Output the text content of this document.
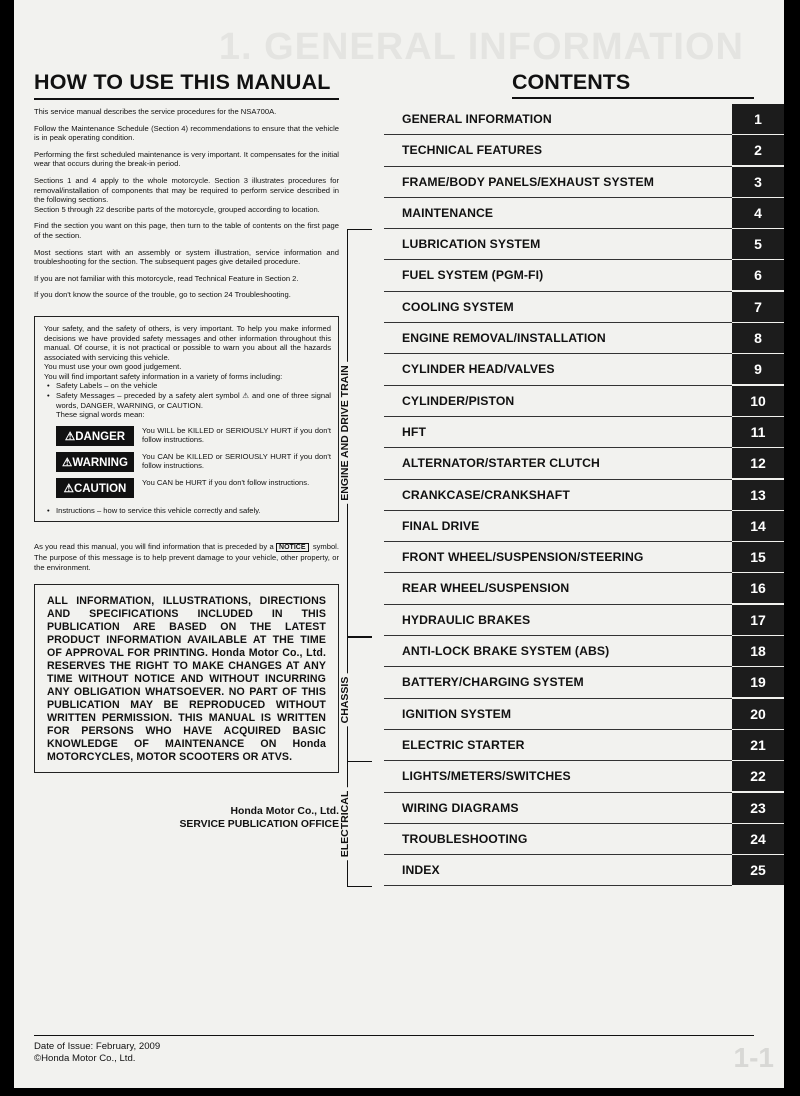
1. GENERAL INFORMATION
1-1
HOW TO USE THIS MANUAL

This service manual describes the service procedures for the NSA700A.

Follow the Maintenance Schedule (Section 4) recommendations to ensure that the vehicle is in peak operating condition.

Performing the first scheduled maintenance is very important. It compensates for the initial wear that occurs during the break-in period.

Sections 1 and 4 apply to the whole motorcycle. Section 3 illustrates procedures for removal/installation of components that may be required to perform service described in the following sections.

Section 5 through 22 describe parts of the motorcycle, grouped according to location.

Find the section you want on this page, then turn to the table of contents on the first page of the section.

Most sections start with an assembly or system illustration, service information and troubleshooting for the section. The subsequent pages give detailed procedure.

If you are not familiar with this motorcycle, read Technical Feature in Section 2.

If you don't know the source of the trouble, go to section 24 Troubleshooting.

Your safety, and the safety of others, is very important. To help you make informed decisions we have provided safety messages and other information throughout this manual. Of course, it is not practical or possible to warn you about all the hazards associated with servicing this vehicle.

You must use your own good judgement.

You will find important safety information in a variety of forms including:

• Safety Labels – on the vehicle
• Safety Messages – preceded by a safety alert symbol ⚠ and one of three signal words, DANGER, WARNING, or CAUTION.
These signal words mean:
⚠DANGER
You WILL be KILLED or SERIOUSLY HURT if you don't follow instructions.
⚠WARNING
You CAN be KILLED or SERIOUSLY HURT if you don't follow instructions.
⚠CAUTION
You CAN be HURT if you don't follow instructions.
• Instructions – how to service this vehicle correctly and safely.

As you read this manual, you will find information that is preceded by a NOTICE symbol. The purpose of this message is to help prevent damage to your vehicle, other property, or the environment.

ALL INFORMATION, ILLUSTRATIONS, DIRECTIONS AND SPECIFICATIONS INCLUDED IN THIS PUBLICATION ARE BASED ON THE LATEST PRODUCT INFORMATION AVAILABLE AT THE TIME OF APPROVAL FOR PRINTING. Honda Motor Co., Ltd. RESERVES THE RIGHT TO MAKE CHANGES AT ANY TIME WITHOUT NOTICE AND WITHOUT INCURRING ANY OBLIGATION WHATSOEVER. NO PART OF THIS PUBLICATION MAY BE REPRODUCED WITHOUT WRITTEN PERMISSION. THIS MANUAL IS WRITTEN FOR PERSONS WHO HAVE ACQUIRED BASIC KNOWLEDGE OF MAINTENANCE ON Honda MOTORCYCLES, MOTOR SCOOTERS OR ATVS.
Honda Motor Co., Ltd.
SERVICE PUBLICATION OFFICE
CONTENTS
ENGINE AND DRIVE TRAIN
CHASSIS
ELECTRICAL
GENERAL INFORMATION	1
TECHNICAL FEATURES	2
FRAME/BODY PANELS/EXHAUST SYSTEM	3
MAINTENANCE	4
LUBRICATION SYSTEM	5
FUEL SYSTEM (PGM-FI)	6
COOLING SYSTEM	7
ENGINE REMOVAL/INSTALLATION	8
CYLINDER HEAD/VALVES	9
CYLINDER/PISTON	10
HFT	11
ALTERNATOR/STARTER CLUTCH	12
CRANKCASE/CRANKSHAFT	13
FINAL DRIVE	14
FRONT WHEEL/SUSPENSION/STEERING	15
REAR WHEEL/SUSPENSION	16
HYDRAULIC BRAKES	17
ANTI-LOCK BRAKE SYSTEM (ABS)	18
BATTERY/CHARGING SYSTEM	19
IGNITION SYSTEM	20
ELECTRIC STARTER	21
LIGHTS/METERS/SWITCHES	22
WIRING DIAGRAMS	23
TROUBLESHOOTING	24
INDEX	25
Date of Issue: February, 2009
©Honda Motor Co., Ltd.
